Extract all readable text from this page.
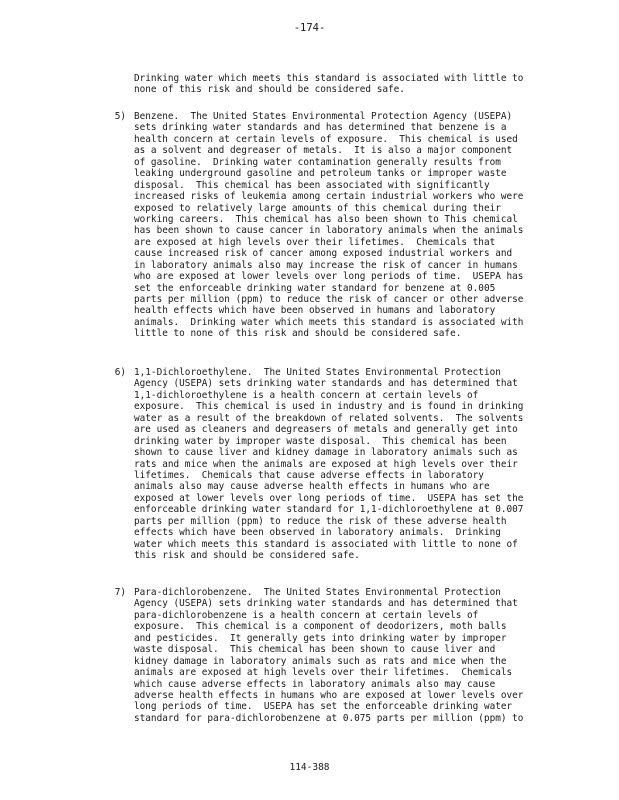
-174-
Drinking water which meets this standard is associated with little to
none of this risk and should be considered safe.
5) Benzene.  The United States Environmental Protection Agency (USEPA)
sets drinking water standards and has determined that benzene is a
health concern at certain levels of exposure.  This chemical is used
as a solvent and degreaser of metals.  It is also a major component
of gasoline.  Drinking water contamination generally results from
leaking underground gasoline and petroleum tanks or improper waste
disposal.  This chemical has been associated with significantly
increased risks of leukemia among certain industrial workers who were
exposed to relatively large amounts of this chemical during their
working careers.  This chemical has also been shown to This chemical
has been shown to cause cancer in laboratory animals when the animals
are exposed at high levels over their lifetimes.  Chemicals that
cause increased risk of cancer among exposed industrial workers and
in laboratory animals also may increase the risk of cancer in humans
who are exposed at lower levels over long periods of time.  USEPA has
set the enforceable drinking water standard for benzene at 0.005
parts per million (ppm) to reduce the risk of cancer or other adverse
health effects which have been observed in humans and laboratory
animals.  Drinking water which meets this standard is associated with
little to none of this risk and should be considered safe.
6) 1,1-Dichloroethylene.  The United States Environmental Protection
Agency (USEPA) sets drinking water standards and has determined that
1,1-dichloroethylene is a health concern at certain levels of
exposure.  This chemical is used in industry and is found in drinking
water as a result of the breakdown of related solvents.  The solvents
are used as cleaners and degreasers of metals and generally get into
drinking water by improper waste disposal.  This chemical has been
shown to cause liver and kidney damage in laboratory animals such as
rats and mice when the animals are exposed at high levels over their
lifetimes.  Chemicals that cause adverse effects in laboratory
animals also may cause adverse health effects in humans who are
exposed at lower levels over long periods of time.  USEPA has set the
enforceable drinking water standard for 1,1-dichloroethylene at 0.007
parts per million (ppm) to reduce the risk of these adverse health
effects which have been observed in laboratory animals.  Drinking
water which meets this standard is associated with little to none of
this risk and should be considered safe.
7) Para-dichlorobenzene.  The United States Environmental Protection
Agency (USEPA) sets drinking water standards and has determined that
para-dichlorobenzene is a health concern at certain levels of
exposure.  This chemical is a component of deodorizers, moth balls
and pesticides.  It generally gets into drinking water by improper
waste disposal.  This chemical has been shown to cause liver and
kidney damage in laboratory animals such as rats and mice when the
animals are exposed at high levels over their lifetimes.  Chemicals
which cause adverse effects in laboratory animals also may cause
adverse health effects in humans who are exposed at lower levels over
long periods of time.  USEPA has set the enforceable drinking water
standard for para-dichlorobenzene at 0.075 parts per million (ppm) to
114-388
